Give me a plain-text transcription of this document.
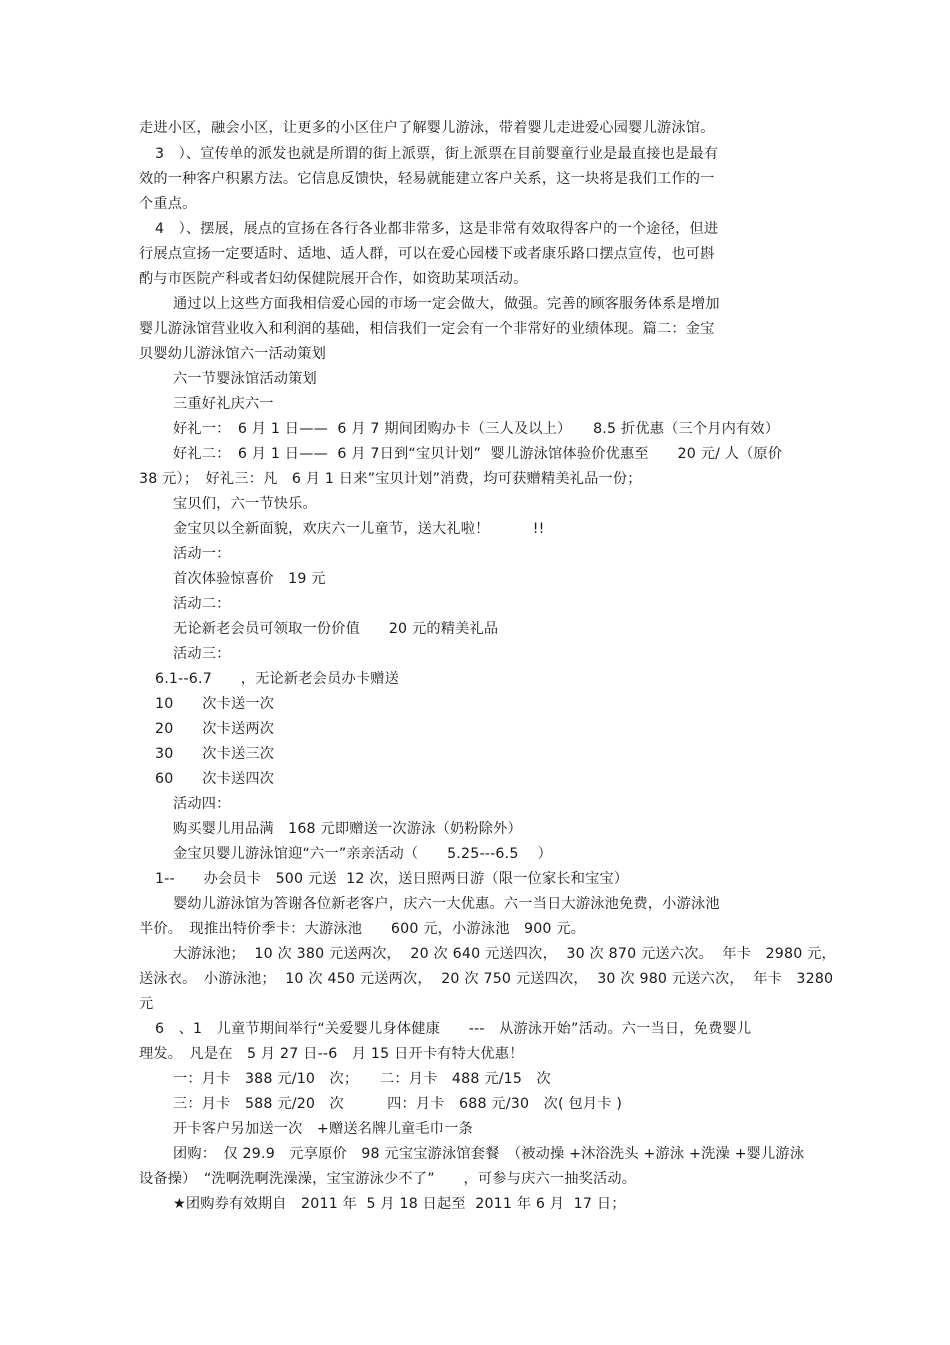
走进小区，融会小区，让更多的小区住户了解婴儿游泳，带着婴儿走进爱心园婴儿游泳馆。
3　）、宣传单的派发也就是所谓的街上派票，街上派票在目前婴童行业是最直接也是最有
效的一种客户积累方法。它信息反馈快，轻易就能建立客户关系，这一块将是我们工作的一
个重点。
4　）、摆展，展点的宣扬在各行各业都非常多，这是非常有效取得客户的一个途径，但进
行展点宣扬一定要适时、适地、适人群，可以在爱心园楼下或者康乐路口摆点宣传，也可斟
酌与市医院产科或者妇幼保健院展开合作，如资助某项活动。
通过以上这些方面我相信爱心园的市场一定会做大，做强。完善的顾客服务体系是增加
婴儿游泳馆营业收入和利润的基础，相信我们一定会有一个非常好的业绩体现。篇二：金宝
贝婴幼儿游泳馆六一活动策划
六一节婴泳馆活动策划
三重好礼庆六一
好礼一：　6 月 1 日——  6 月 7 期间团购办卡（三人及以上）　　8.5 折优惠（三个月内有效）
好礼二：　6 月 1 日——  6 月 7日到“宝贝计划”  婴儿游泳馆体验价优惠至　　20 元/ 人（原价
38 元）；　好礼三：凡　6 月 1 日来”宝贝计划”消费，均可获赠精美礼品一份；
宝贝们，六一节快乐。
金宝贝以全新面貌，欢庆六一儿童节，送大礼啦！　　　!!
活动一：
首次体验惊喜价　19 元
活动二：
无论新老会员可领取一份价值　　20 元的精美礼品
活动三：
6.1--6.7　　，无论新老会员办卡赠送
10　　次卡送一次
20　　次卡送两次
30　　次卡送三次
60　　次卡送四次
活动四：
购买婴儿用品满　168 元即赠送一次游泳（奶粉除外）
金宝贝婴儿游泳馆迎“六一”亲亲活动（　　5.25---6.5　 ）
1--　　办会员卡　500 元送  12 次，送日照两日游（限一位家长和宝宝）
婴幼儿游泳馆为答谢各位新老客户，庆六一大优惠。六一当日大游泳池免费，小游泳池
半价。　现推出特价季卡：大游泳池　　600 元，小游泳池　900 元。
大游泳池；  10 次 380 元送两次，  20 次 640 元送四次，  30 次 870 元送六次。  年卡　2980 元，
送泳衣。　小游泳池；  10 次 450 元送两次，  20 次 750 元送四次，  30 次 980 元送六次，  年卡　3280
元
6　、1　儿童节期间举行“关爱婴儿身体健康　　---　从游泳开始”活动。六一当日，免费婴儿
理发。　凡是在　5 月 27 日--6　月 15 日开卡有特大优惠！
一：月卡　388 元/10　次；　　二：月卡　488 元/15　次
三：月卡　588 元/20　次　　　四：月卡　688 元/30　次( 包月卡 )
开卡客户另加送一次　+赠送名牌儿童毛巾一条
团购：　仅 29.9　元享原价　98 元宝宝游泳馆套餐　（被动操 +沐浴洗头 +游泳 +洗澡 +婴儿游泳
设备操）　“洗啊洗啊洗澡澡，宝宝游泳少不了”　　，可参与庆六一抽奖活动。
★团购券有效期自　2011 年  5 月 18 日起至  2011 年 6 月  17 日；
